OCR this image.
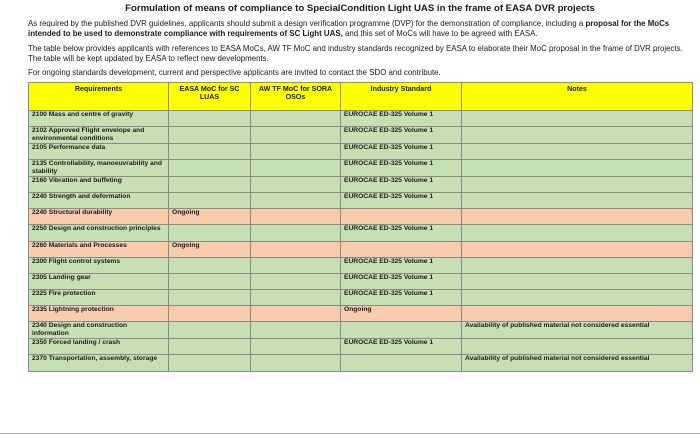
Formulation of means of compliance to SpecialCondition Light UAS in the frame of EASA DVR projects

As required by the published DVR guidelines, applicants should submit a design verification programme (DVP) for the demonstration of compliance, including a proposal for the MoCs intended to be used to demonstrate compliance with requirements of SC Light UAS, and this set of MoCs will have to be agreed with EASA.

The table below provides applicants with references to EASA MoCs, AW TF MoC and industry standards recognized by EASA to elaborate their MoC proposal in the frame of DVR projects. The table will be kept updated by EASA to reflect new developments.

For ongoing standards development, current and perspective applicants are invited to contact the SDO and contribute.

Requirements	EASA MoC for SC LUAS	AW TF MoC for SORA OSOs	Industry Standard	Notes
2100 Mass and centre of gravity			EUROCAE ED-325 Volume 1	
2102 Approved Flight envelope and environmental conditions			EUROCAE ED-325 Volume 1	
2105 Performance data			EUROCAE ED-325 Volume 1	
2135 Controllability, manoeuvrability and stability			EUROCAE ED-325 Volume 1	
2160 Vibration and buffeting			EUROCAE ED-325 Volume 1	
2240 Strength and deformation			EUROCAE ED-325 Volume 1	
2240 Structural durability	Ongoing			
2250 Design and construction principles			EUROCAE ED-325 Volume 1	
2260 Materials and Processes	Ongoing			
2300 Flight control systems			EUROCAE ED-325 Volume 1	
2305 Landing gear			EUROCAE ED-325 Volume 1	
2325 Fire protection			EUROCAE ED-325 Volume 1	
2335 Lightning protection			Ongoing	
2340 Design and construction information				Availability of published material not considered essential
2350 Forced landing / crash			EUROCAE ED-325 Volume 1	
2370 Transportation, assembly, storage				Availability of published material not considered essential
